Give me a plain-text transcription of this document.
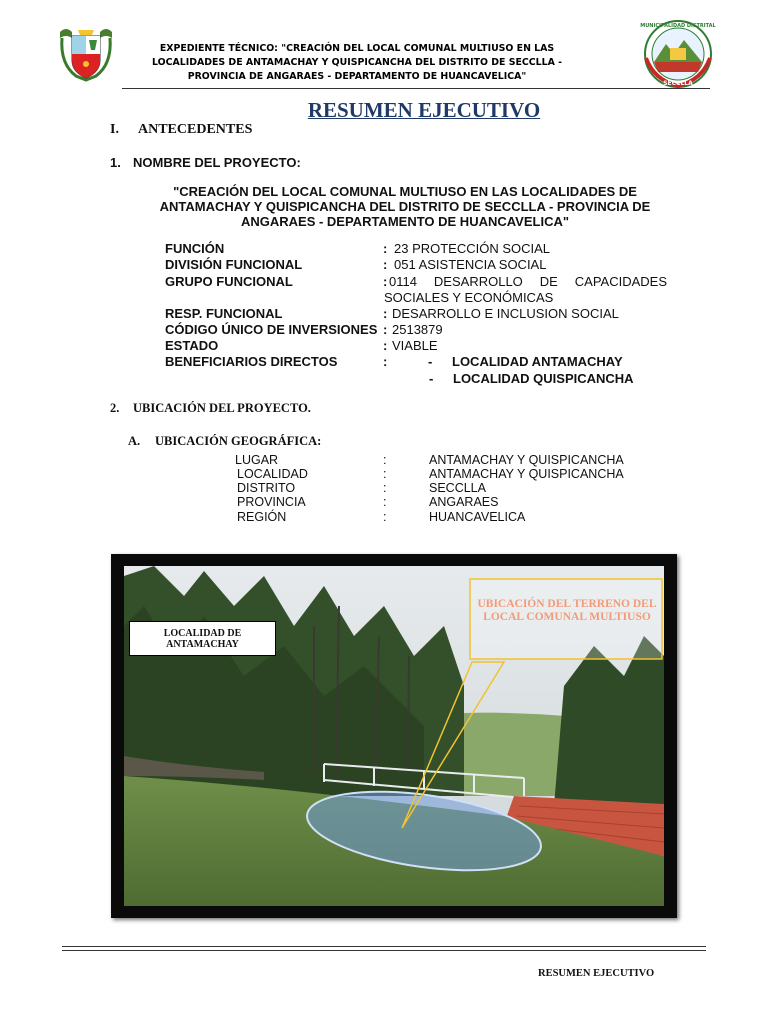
EXPEDIENTE TÉCNICO: "CREACIÓN DEL LOCAL COMUNAL MULTIUSO EN LAS LOCALIDADES DE ANTAMACHAY Y QUISPICANCHA DEL DISTRITO DE SECCLLA - PROVINCIA DE ANGARAES - DEPARTAMENTO DE HUANCAVELICA"
MUNICIPALIDAD DISTRITAL
SECCLLA
RESUMEN EJECUTIVO
I. ANTECEDENTES
1. NOMBRE DEL PROYECTO:
"CREACIÓN DEL LOCAL COMUNAL MULTIUSO EN LAS LOCALIDADES DE ANTAMACHAY Y QUISPICANCHA DEL DISTRITO DE SECCLLA - PROVINCIA DE ANGARAES - DEPARTAMENTO DE HUANCAVELICA"
FUNCIÓN	: 23 PROTECCIÓN SOCIAL
DIVISIÓN FUNCIONAL	: 051 ASISTENCIA SOCIAL
GRUPO FUNCIONAL	: 0114 DESARROLLO DE CAPACIDADES
SOCIALES Y ECONÓMICAS
RESP. FUNCIONAL	: DESARROLLO E INCLUSION SOCIAL
CÓDIGO ÚNICO DE INVERSIONES : 2513879
ESTADO	: VIABLE
BENEFICIARIOS DIRECTOS	:	- LOCALIDAD ANTAMACHAY
- LOCALIDAD QUISPICANCHA
2. UBICACIÓN DEL PROYECTO.
A. UBICACIÓN GEOGRÁFICA:
LUGAR	:	ANTAMACHAY Y QUISPICANCHA
LOCALIDAD	:	ANTAMACHAY Y QUISPICANCHA
DISTRITO	:	SECCLLA
PROVINCIA	:	ANGARAES
REGIÓN	:	HUANCAVELICA
LOCALIDAD DE ANTAMACHAY
UBICACIÓN DEL TERRENO DEL LOCAL COMUNAL MULTIUSO
RESUMEN EJECUTIVO
